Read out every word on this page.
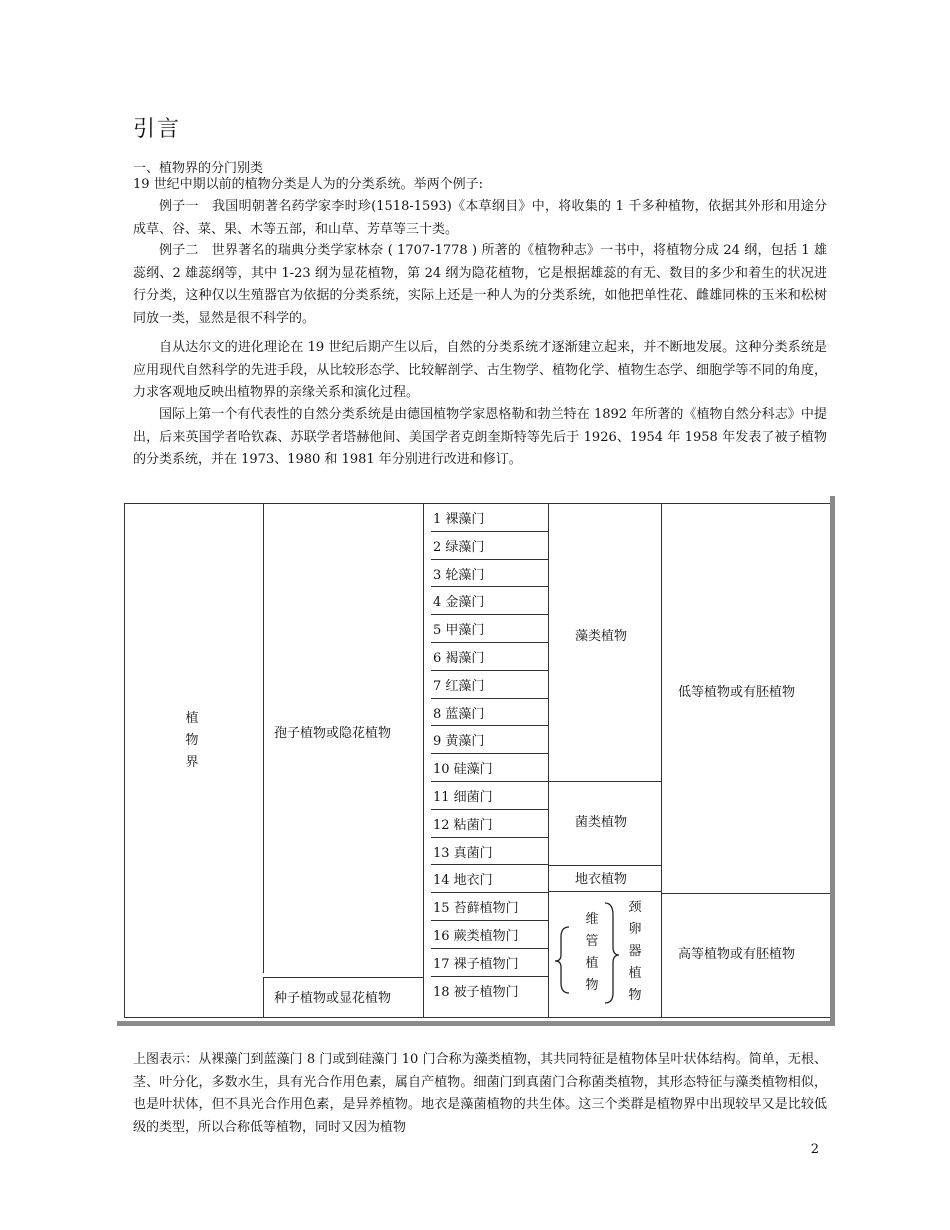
引言
一、植物界的分门别类
19 世纪中期以前的植物分类是人为的分类系统。举两个例子:
例子一　我国明朝著名药学家李时珍(1518-1593)《本草纲目》中，将收集的 1 千多种植物，依据其外形和用途分成草、谷、菜、果、木等五部，和山草、芳草等三十类。
例子二　世界著名的瑞典分类学家林奈 ( 1707-1778 ) 所著的《植物种志》一书中，将植物分成 24 纲，包括 1 雄蕊纲、2 雄蕊纲等，其中 1-23 纲为显花植物，第 24 纲为隐花植物，它是根据雄蕊的有无、数目的多少和着生的状况进行分类，这种仅以生殖器官为依据的分类系统，实际上还是一种人为的分类系统，如他把单性花、雌雄同株的玉米和松树同放一类，显然是很不科学的。
自从达尔文的进化理论在 19 世纪后期产生以后，自然的分类系统才逐渐建立起来，并不断地发展。这种分类系统是应用现代自然科学的先进手段，从比较形态学、比较解剖学、古生物学、植物化学、植物生态学、细胞学等不同的角度，力求客观地反映出植物界的亲缘关系和演化过程。
国际上第一个有代表性的自然分类系统是由德国植物学家恩格勒和勃兰特在 1892 年所著的《植物自然分科志》中提出，后来英国学者哈钦森、苏联学者塔赫他间、美国学者克朗奎斯特等先后于 1926、1954 年 1958 年发表了被子植物的分类系统，并在 1973、1980 和 1981 年分别进行改进和修订。
1 裸藻门
2 绿藻门
3 轮藻门
4 金藻门
5 甲藻门
6 褐藻门
7 红藻门
8 蓝藻门
9 黄藻门
10 硅藻门
11 细菌门
12 粘菌门
13 真菌门
14 地衣门
15 苔藓植物门
16 蕨类植物门
17 裸子植物门
18 被子植物门
植物界
孢子植物或隐花植物
种子植物或显花植物
藻类植物
菌类植物
地衣植物
维管植物
颈卵器植物
低等植物或有胚植物
高等植物或有胚植物
上图表示：从裸藻门到蓝藻门 8 门或到硅藻门 10 门合称为藻类植物，其共同特征是植物体呈叶状体结构。简单，无根、茎、叶分化，多数水生，具有光合作用色素，属自产植物。细菌门到真菌门合称菌类植物，其形态特征与藻类植物相似，也是叶状体，但不具光合作用色素，是异养植物。地衣是藻菌植物的共生体。这三个类群是植物界中出现较早又是比较低级的类型，所以合称低等植物，同时又因为植物
2
